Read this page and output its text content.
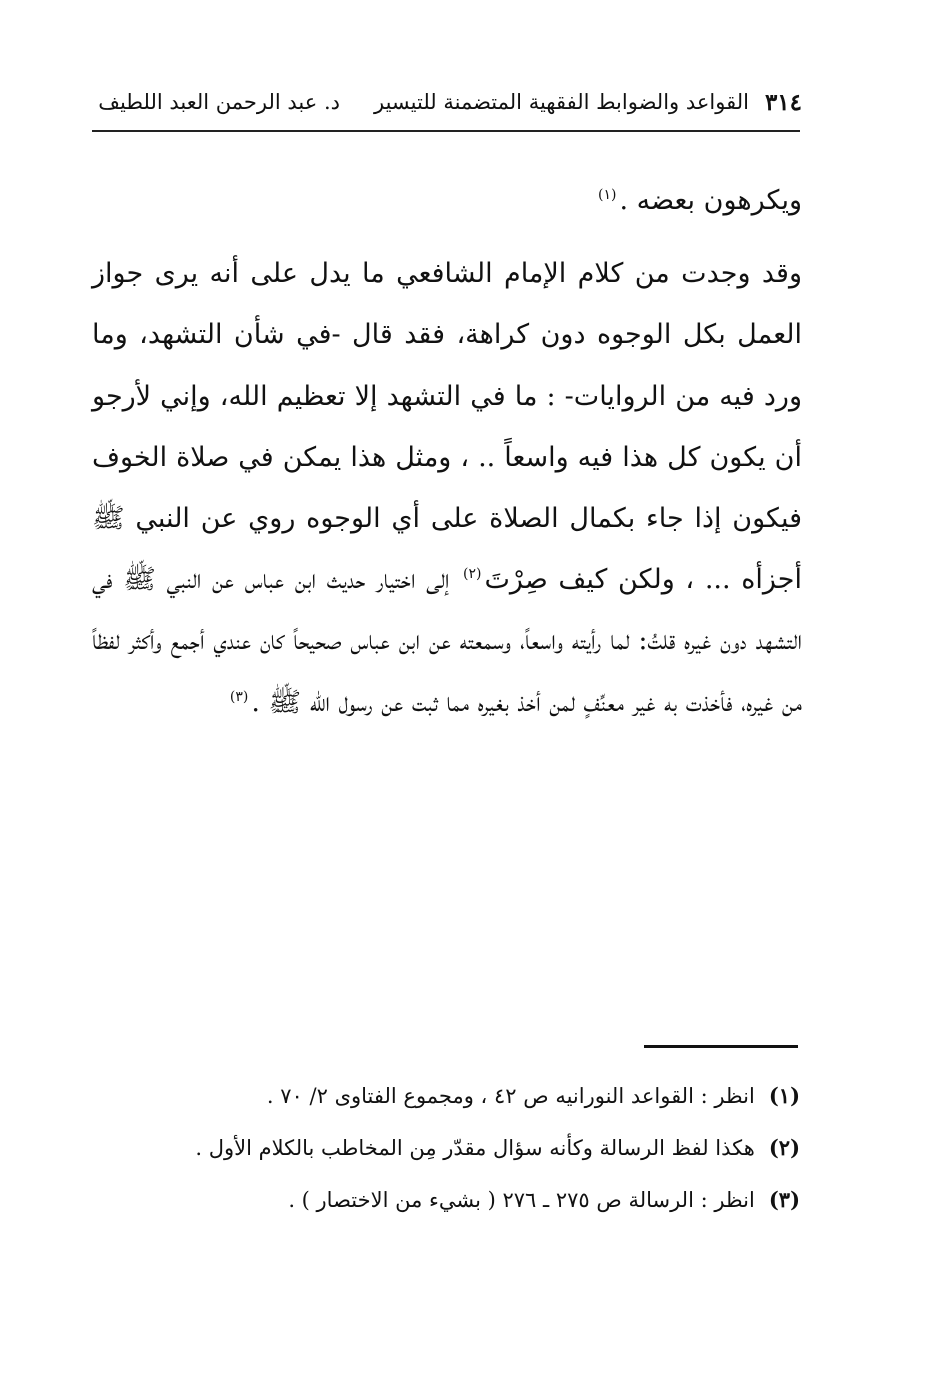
٣١٤
القواعد والضوابط الفقهية المتضمنة للتيسير
د. عبد الرحمن العبد اللطيف

ويكرهون بعضه .$^{(١)}$

وقد وجدت من كلام الإمام الشافعي ما يدل على أنه يرى جواز العمل بكل الوجوه دون كراهة، فقد قال -في شأن التشهد، وما ورد فيه من الروايات- : ما في التشهد إلا تعظيم الله، وإني لأرجو أن يكون كل هذا فيه واسعاً .. ، ومثل هذا يمكن في صلاة الخوف فيكون إذا جاء بكمال الصلاة على أي الوجوه روي عن النبي ﷺ أجزأه ... ، ولكن كيف صِرْتَ$^{(٢)}$ إلى اختيار حديث ابن عباس عن النبي ﷺ في التشهد دون غيره قلتُ: لما رأيته واسعاً، وسمعته عن ابن عباس صحيحاً كان عندي أجمع وأكثر لفظاً من غيره، فأخذت به غير معنِّفٍ لمن أخذ بغيره مما ثبت عن رسول الله ﷺ .$^{(٣)}$

(١)
انظر : القواعد النورانيه ص ٤٢ ، ومجموع الفتاوى ٢/ ٧٠ .
(٢)
هكذا لفظ الرسالة وكأنه سؤال مقدّر مِن المخاطب بالكلام الأول .
(٣)
انظر : الرسالة ص ٢٧٥ ـ ٢٧٦ ( بشيء من الاختصار ) .
